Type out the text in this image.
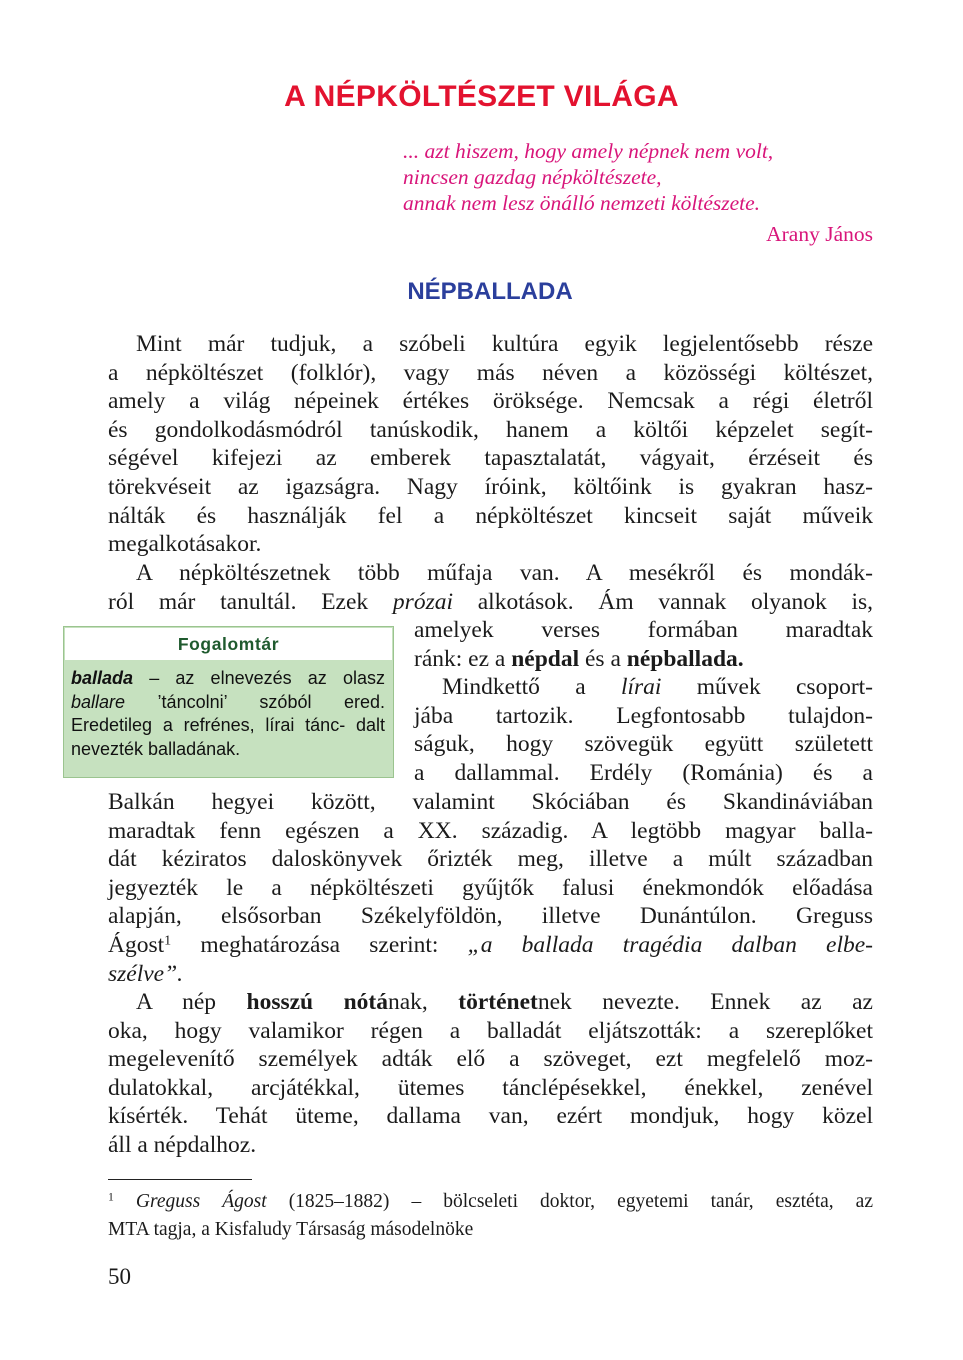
A NÉPKÖLTÉSZET VILÁGA
... azt hiszem, hogy amely népnek nem volt,
nincsen gazdag népköltészete,
annak nem lesz önálló nemzeti költészete.
Arany János
NÉPBALLADA
Mint már tudjuk, a szóbeli kultúra egyik legjelentősebb része
a népköltészet (folklór), vagy más néven a közösségi költészet,
amely a világ népeinek értékes öröksége. Nemcsak a régi életről
és gondolkodásmódról tanúskodik, hanem a költői képzelet segít-
ségével kifejezi az emberek tapasztalatát, vágyait, érzéseit és
törekvéseit az igazságra. Nagy íróink, költőink is gyakran hasz-
nálták és használják fel a népköltészet kincseit saját műveik
megalkotásakor.
A népköltészetnek több műfaja van. A mesékről és mondák-
ról már tanultál. Ezek prózai alkotások. Ám vannak olyanok is,
amelyek verses formában maradtak
ránk: ez a népdal és a népballada.
Mindkettő a lírai művek csoport-
jába tartozik. Legfontosabb tulajdon-
ságuk, hogy szövegük együtt született
a dallammal. Erdély (Románia) és a
Fogalomtár
ballada – az elnevezés az olasz ballare ’táncolni’ szóból ered. Eredetileg a refrénes, lírai tánc- dalt nevezték balladának.
Balkán hegyei között, valamint Skóciában és Skandináviában
maradtak fenn egészen a XX. századig. A legtöbb magyar balla-
dát kéziratos daloskönyvek őrizték meg, illetve a múlt században
jegyezték le a népköltészeti gyűjtők falusi énekmondók előadása
alapján, elsősorban Székelyföldön, illetve Dunántúlon. Greguss
Ágost$^1$ meghatározása szerint: „a ballada tragédia dalban elbe-
szélve”.
A nép hosszú nótának, történetnek nevezte. Ennek az az
oka, hogy valamikor régen a balladát eljátszották: a szereplőket
megelevenítő személyek adták elő a szöveget, ezt megfelelő moz-
dulatokkal, arcjátékkal, ütemes tánclépésekkel, énekkel, zenével
kísérték. Tehát üteme, dallama van, ezért mondjuk, hogy közel
áll a népdalhoz.
$^1$ Greguss Ágost (1825–1882) – bölcseleti doktor, egyetemi tanár, esztéta, az
MTA tagja, a Kisfaludy Társaság másodelnöke
50
